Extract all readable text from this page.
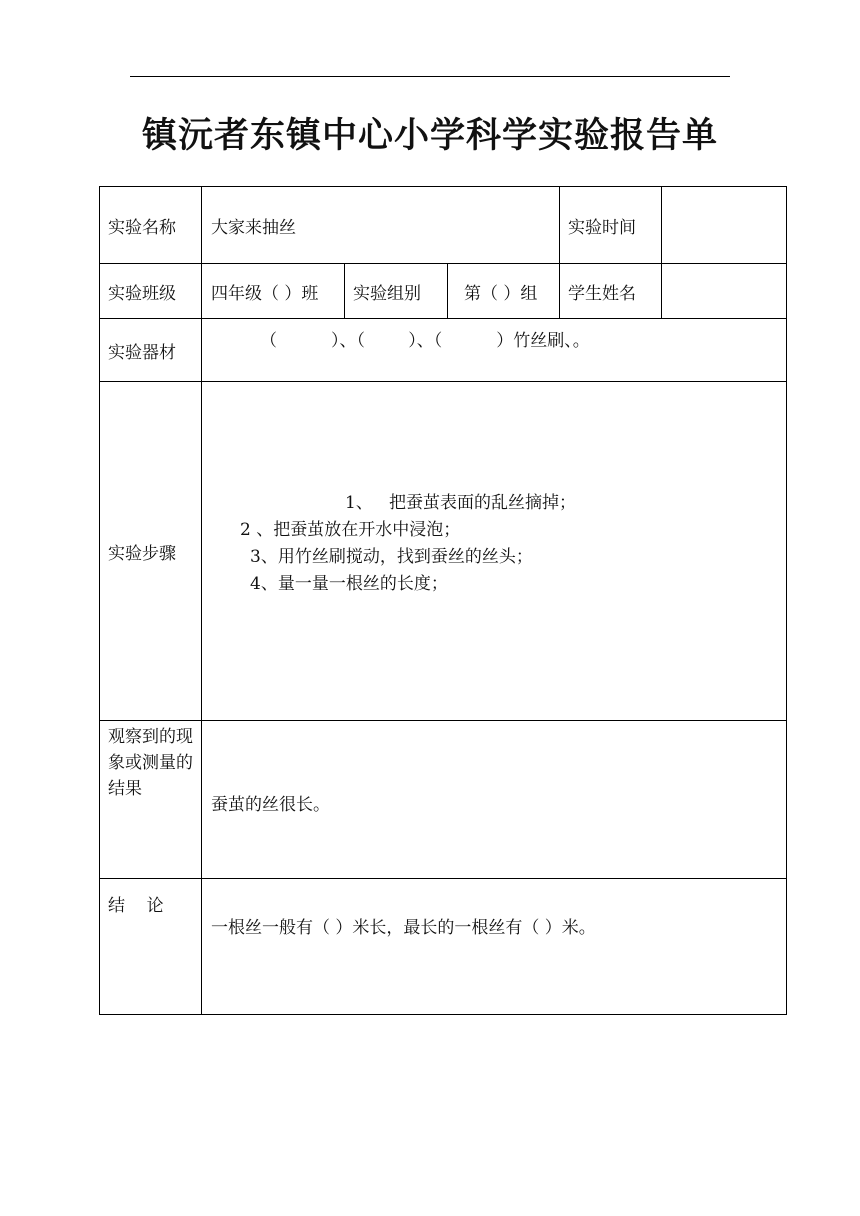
镇沅者东镇中心小学科学实验报告单
实验名称	大家来抽丝			实验时间	
实验班级	四年级（ ）班	实验组别	第（ ）组	学生姓名	
实验器材	（          ）、（        ）、（          ）竹丝刷、。				

实验步骤	1、   把蚕茧表面的乱丝摘掉；
2 、把蚕茧放在开水中浸泡；
3、用竹丝刷搅动，找到蚕丝的丝头；
4、量一量一根丝的长度；				

观察到的现象或测量的结果	蚕茧的丝很长。				
结    论	一根丝一般有（ ）米长，最长的一根丝有（ ）米。				
